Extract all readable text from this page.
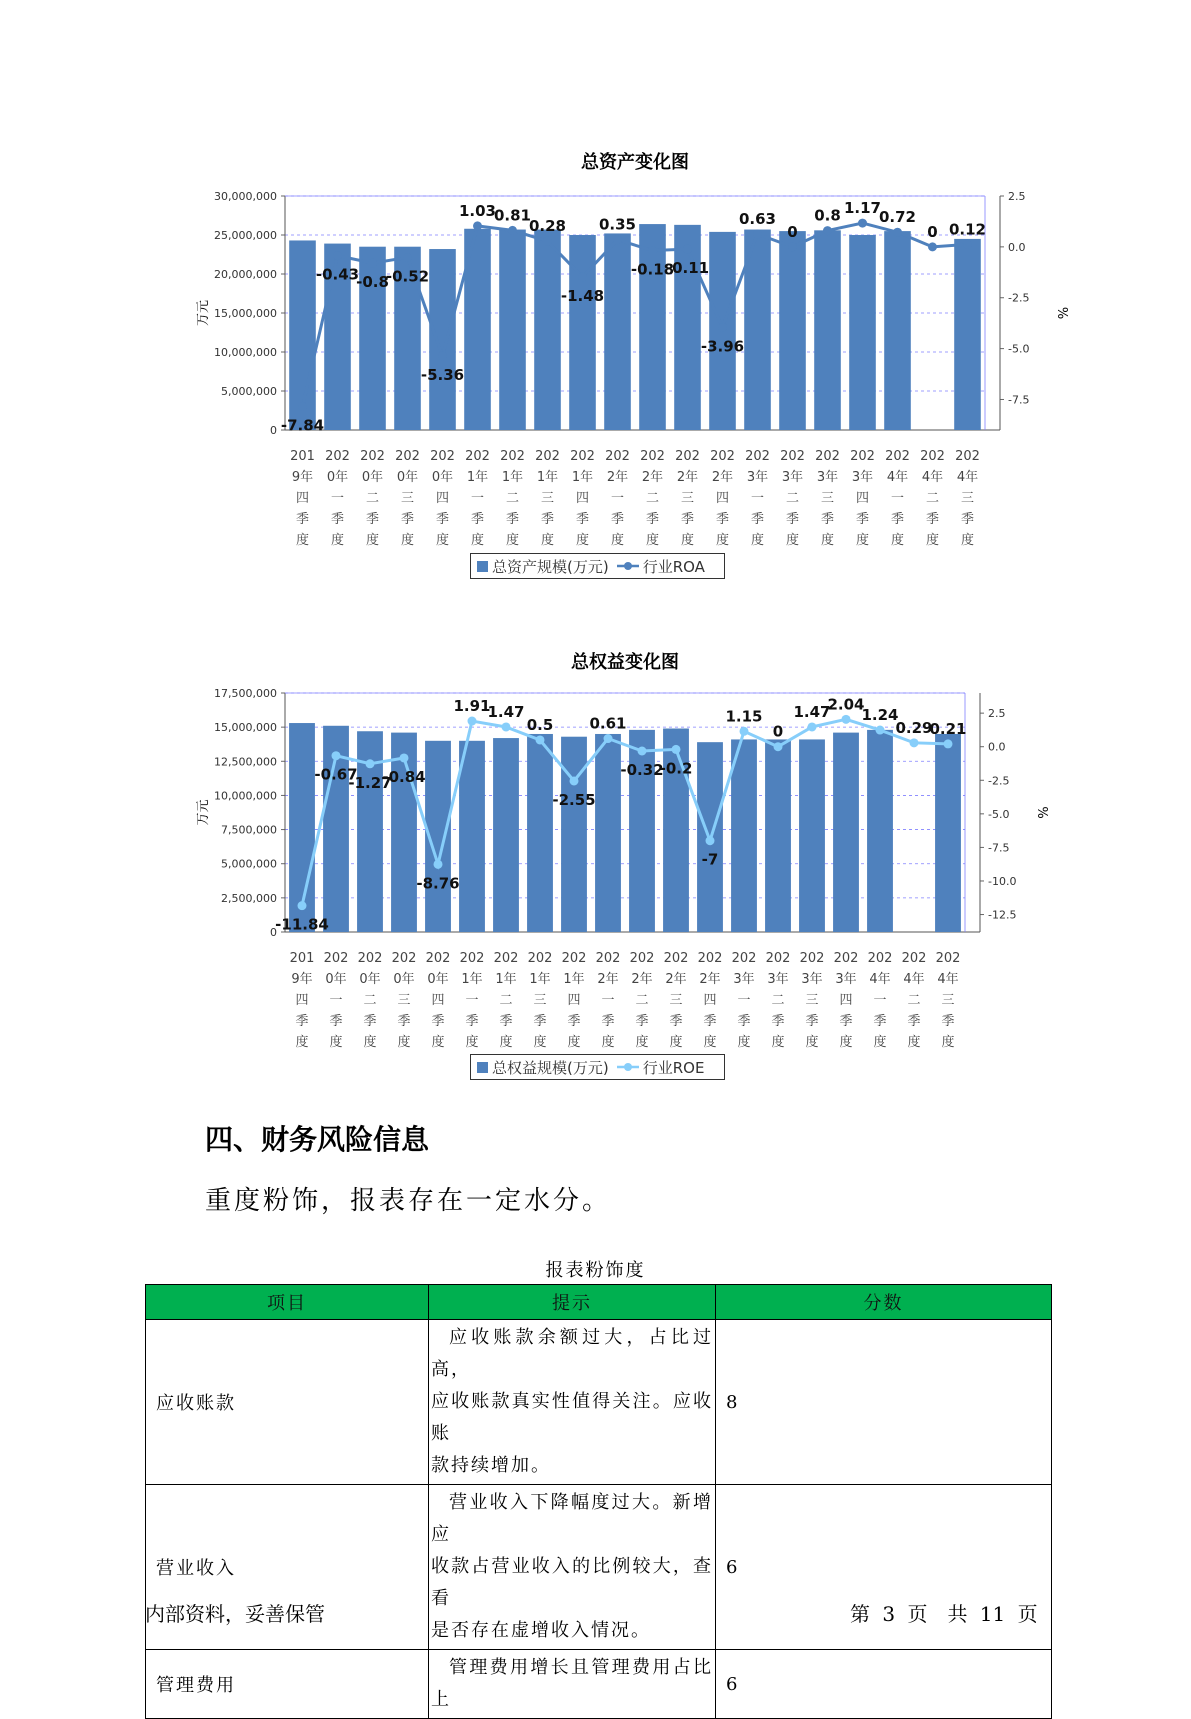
总资产变化图
0
5,000,000
10,000,000
15,000,000
20,000,000
25,000,000
30,000,000
-7.5
-5.0
-2.5
0.0
2.5
万元	%
-7.84
-0.43
-0.8
-0.52
-5.36
1.03
0.81
0.28
-1.48
0.35
-0.18
-0.11
-3.96
0.63
0
0.8 1.17
0.72
0 0.12
201 9年四季度
202 0年一季度
202 0年二季度
202 0年三季度
202 0年四季度
202 1年一季度
202 1年二季度
202 1年三季度
202 1年四季度
202 2年一季度
202 2年二季度
202 2年三季度
202 2年四季度
202 3年一季度
202 3年二季度
202 3年三季度
202 3年四季度
202 4年一季度
202 4年二季度
202 4年三季度
总资产规模(万元) 行业ROA
总权益变化图
0
2,500,000
5,000,000
7,500,000
10,000,000
12,500,000
15,000,000
17,500,000
-12.5
-10.0
-7.5
-5.0
-2.5
0.0
2.5
万元	%
-11.84
-0.67
-1.27
-0.84
-8.76
1.91
1.47
0.5
-2.55
0.61
-0.32
-0.2
-7
1.15
0
1.47
2.04
1.24
0.29
0.21
201 9年四季度
202 0年一季度
202 0年二季度
202 0年三季度
202 0年四季度
202 1年一季度
202 1年二季度
202 1年三季度
202 1年四季度
202 2年一季度
202 2年二季度
202 2年三季度
202 2年四季度
202 3年一季度
202 3年二季度
202 3年三季度
202 3年四季度
202 4年一季度
202 4年二季度
202 4年三季度
总权益规模(万元) 行业ROE
四、财务风险信息
重度粉饰，报表存在一定水分。
报表粉饰度
项目	提示	分数
应收账款	应收账款余额过大，占比过高，
应收账款真实性值得关注。应收账
款持续增加。	8
营业收入	营业收入下降幅度过大。新增应
收款占营业收入的比例较大，查看
是否存在虚增收入情况。	6
管理费用	管理费用增长且管理费用占比上	6
内部资料，妥善保管	第 3 页　共 11 页
